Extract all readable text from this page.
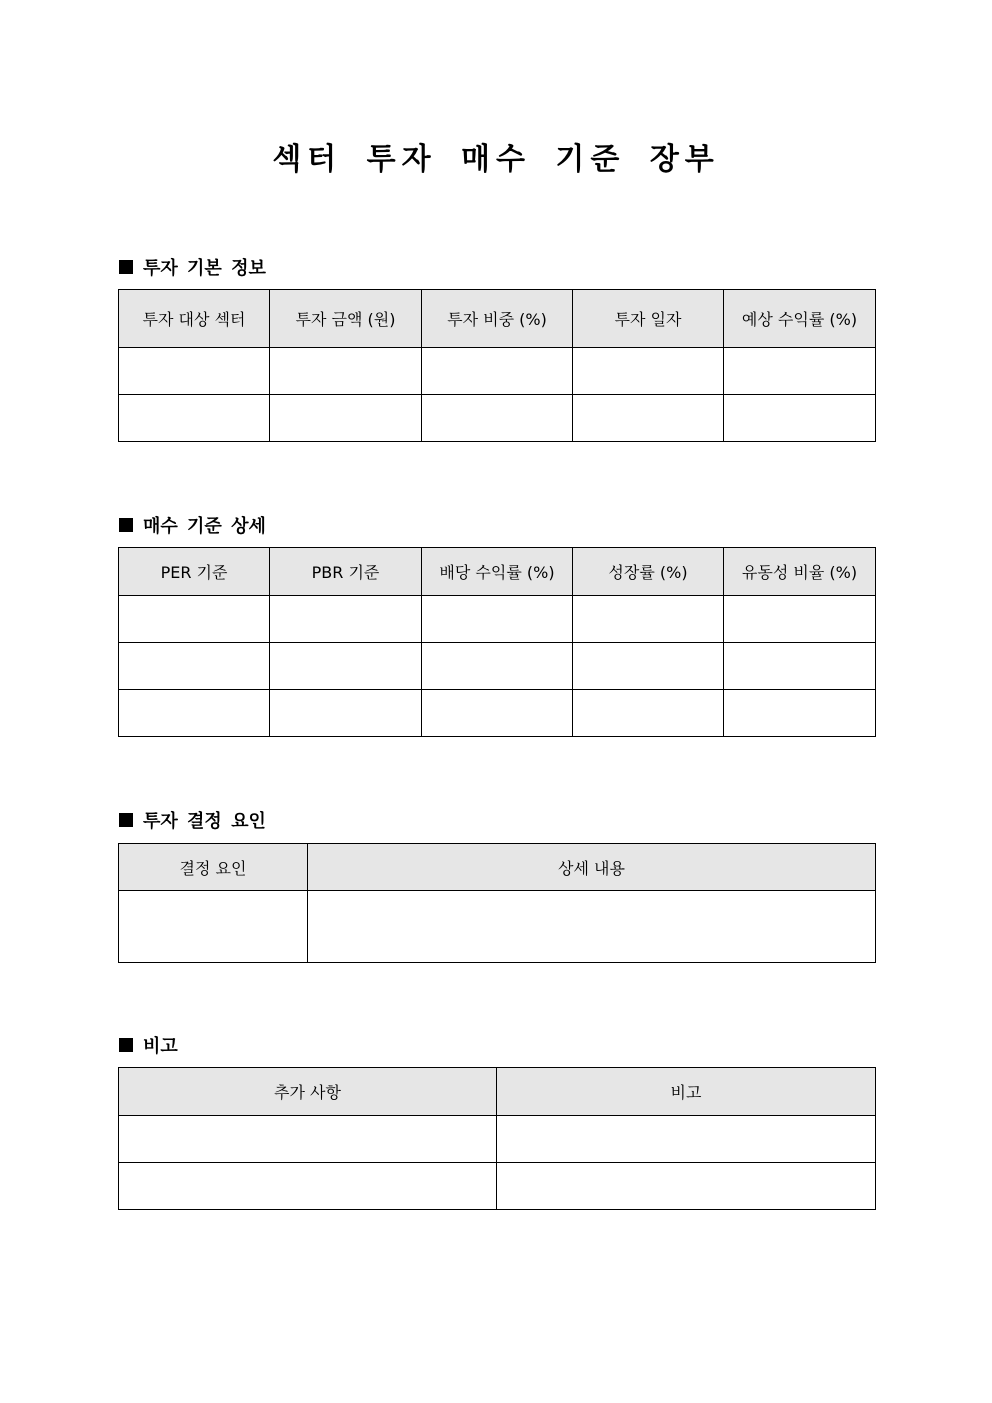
섹터 투자 매수 기준 장부
투자 기본 정보
투자 대상 섹터	투자 금액 (원)	투자 비중 (%)	투자 일자	예상 수익률 (%)

매수 기준 상세
PER 기준	PBR 기준	배당 수익률 (%)	성장률 (%)	유동성 비율 (%)

투자 결정 요인
결정 요인	상세 내용

비고
추가 사항	비고
